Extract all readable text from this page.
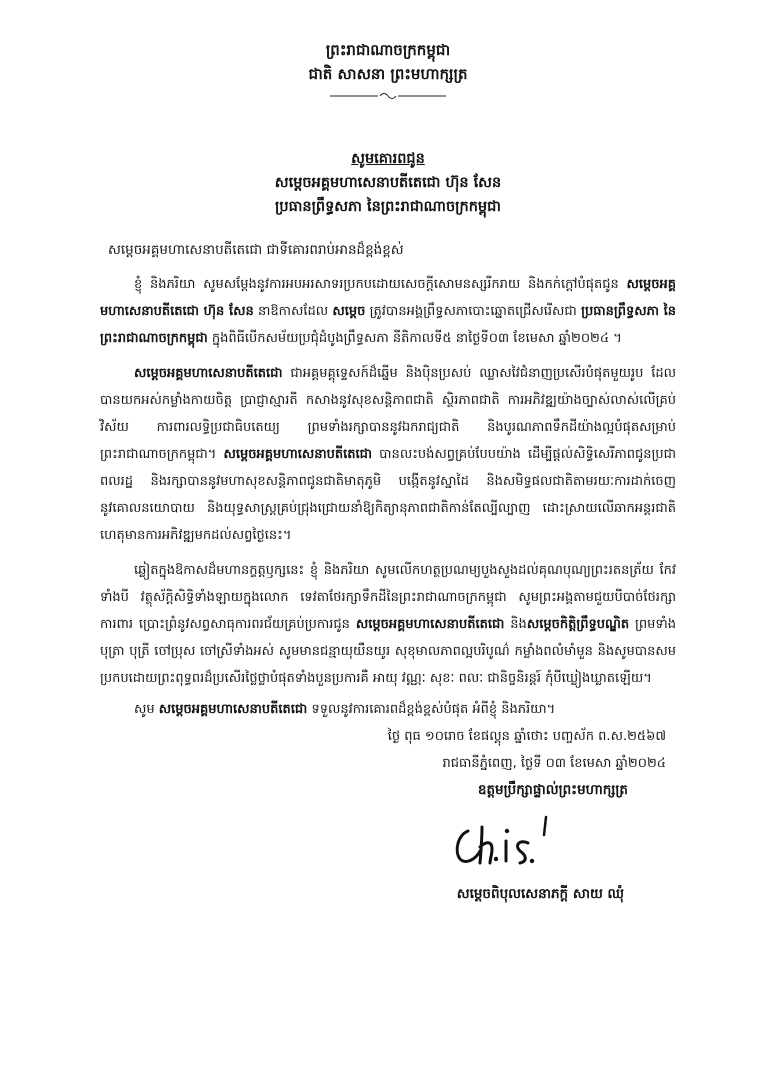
ព្រះរាជាណាចក្រកម្ពុជា
ជាតិ សាសនា ព្រះមហាក្សត្រ
សូមគោរពជូន
សម្តេចអគ្គមហាសេនាបតីតេជោ ហ៊ុន សែន
ប្រធានព្រឹទ្ធសភា នៃព្រះរាជាណាចក្រកម្ពុជា
សម្តេចអគ្គមហាសេនាបតីតេជោ ជាទីគោរពរាប់អានដ៏ខ្ពង់ខ្ពស់

ខ្ញុំ និងភរិយា សូមសម្តែងនូវការអបអរសាទរប្រកបដោយសេចក្តីសោមនស្សរីករាយ និងកក់ក្តៅបំផុតជូន សម្តេចអគ្គមហាសេនាបតីតេជោ ហ៊ុន សែន នាឱកាសដែល សម្តេច ត្រូវបានអង្គព្រឹទ្ធសភាបោះឆ្នោតជ្រើសរើសជា ប្រធានព្រឹទ្ធសភា នៃព្រះរាជាណាចក្រកម្ពុជា ក្នុងពិធីបើកសម័យប្រជុំដំបូងព្រឹទ្ធសភា នីតិកាលទី៥ នាថ្ងៃទី០៣ ខែមេសា ឆ្នាំ២០២៤ ។

សម្តេចអគ្គមហាសេនាបតីតេជោ ជាអគ្គមគ្គុទ្ទេសក៍ដ៏ឆ្នើម និងប៉ិនប្រសប់ ឈ្លាសវៃជំនាញប្រសើរបំផុតមួយរូប ដែលបានយកអស់កម្លាំងកាយចិត្ត ប្រាជ្ញាស្មារតី កសាងនូវសុខសន្តិភាពជាតិ ស្ថិរភាពជាតិ ការអភិវឌ្ឍយ៉ាងច្បាស់លាស់លើគ្រប់វិស័យ ការពារលទ្ធិប្រជាធិបតេយ្យ ព្រមទាំងរក្សាបាននូវឯករាជ្យជាតិ និងបូរណភាពទឹកដីយ៉ាងល្អបំផុតសម្រាប់ព្រះរាជាណាចក្រកម្ពុជា។ សម្តេចអគ្គមហាសេនាបតីតេជោ បានលះបង់សព្វគ្រប់បែបយ៉ាង ដើម្បីផ្តល់សិទ្ធិសេរីភាពជូនប្រជាពលរដ្ឋ និងរក្សាបាននូវមហាសុខសន្តិភាពជូនជាតិមាតុភូមិ បង្កើតនូវស្នាដៃ និងសមិទ្ធផលជាតិតាមរយៈការដាក់ចេញនូវគោលនយោបាយ និងយុទ្ធសាស្ត្រគ្រប់ជ្រុងជ្រោយនាំឱ្យកិត្យានុភាពជាតិកាន់តែល្បីល្បាញ ដោះស្រាយលើឆាកអន្តរជាតិហេតុមានការអភិវឌ្ឍមកដល់សព្វថ្ងៃនេះ។

ឆ្លៀតក្នុងឱកាសដ៏មហានក្ខត្តឫក្សនេះ ខ្ញុំ និងភរិយា សូមលើកហត្ថប្រណម្យបួងសួងដល់គុណបុណ្យព្រះរតនត្រ័យ កែវទាំងបី វត្ថុស័ក្តិសិទ្ធិទាំងឡាយក្នុងលោក ទេវតាថែរក្សាទឹកដីនៃព្រះរាជាណាចក្រកម្ពុជា សូមព្រះអង្គតាមជួយបីបាច់ថែរក្សាការពារ ប្រោះព្រំនូវសព្វសាធុការពរជ័យគ្រប់ប្រការជូន សម្តេចអគ្គមហាសេនាបតីតេជោ និងសម្តេចកិត្តិព្រឹទ្ធបណ្ឌិត ព្រមទាំងបុត្រា បុត្រី ចៅប្រុស ចៅស្រីទាំងអស់ សូមមានជន្មាយុយឺនយូរ សុខុមាលភាពល្អបរិបូណ៌ កម្លាំងពលំមាំមួន និងសូមបានសមប្រកបដោយព្រះពុទ្ធពរដ៏ប្រសើរថ្លៃថ្លាបំផុតទាំងបួនប្រការគឺ អាយុ វណ្ណៈ សុខៈ ពលៈ ជានិច្ចនិរន្តរ៍ កុំបីឃ្លៀងឃ្លាតឡើយ។

សូម សម្តេចអគ្គមហាសេនាបតីតេជោ ទទួលនូវការគោរពដ៏ខ្ពង់ខ្ពស់បំផុត អំពីខ្ញុំ និងភរិយា។

ថ្ងៃ ពុធ ១០រោច ខែផល្គុន ឆ្នាំថោះ បញ្ចស័ក ព.ស.២៥៦៧
រាជធានីភ្នំពេញ, ថ្ងៃទី ០៣ ខែមេសា ឆ្នាំ២០២៤
ឧត្តមប្រឹក្សាផ្ទាល់ព្រះមហាក្សត្រ
សម្តេចពិបុលសេនាភក្តី សាយ ឈុំ
